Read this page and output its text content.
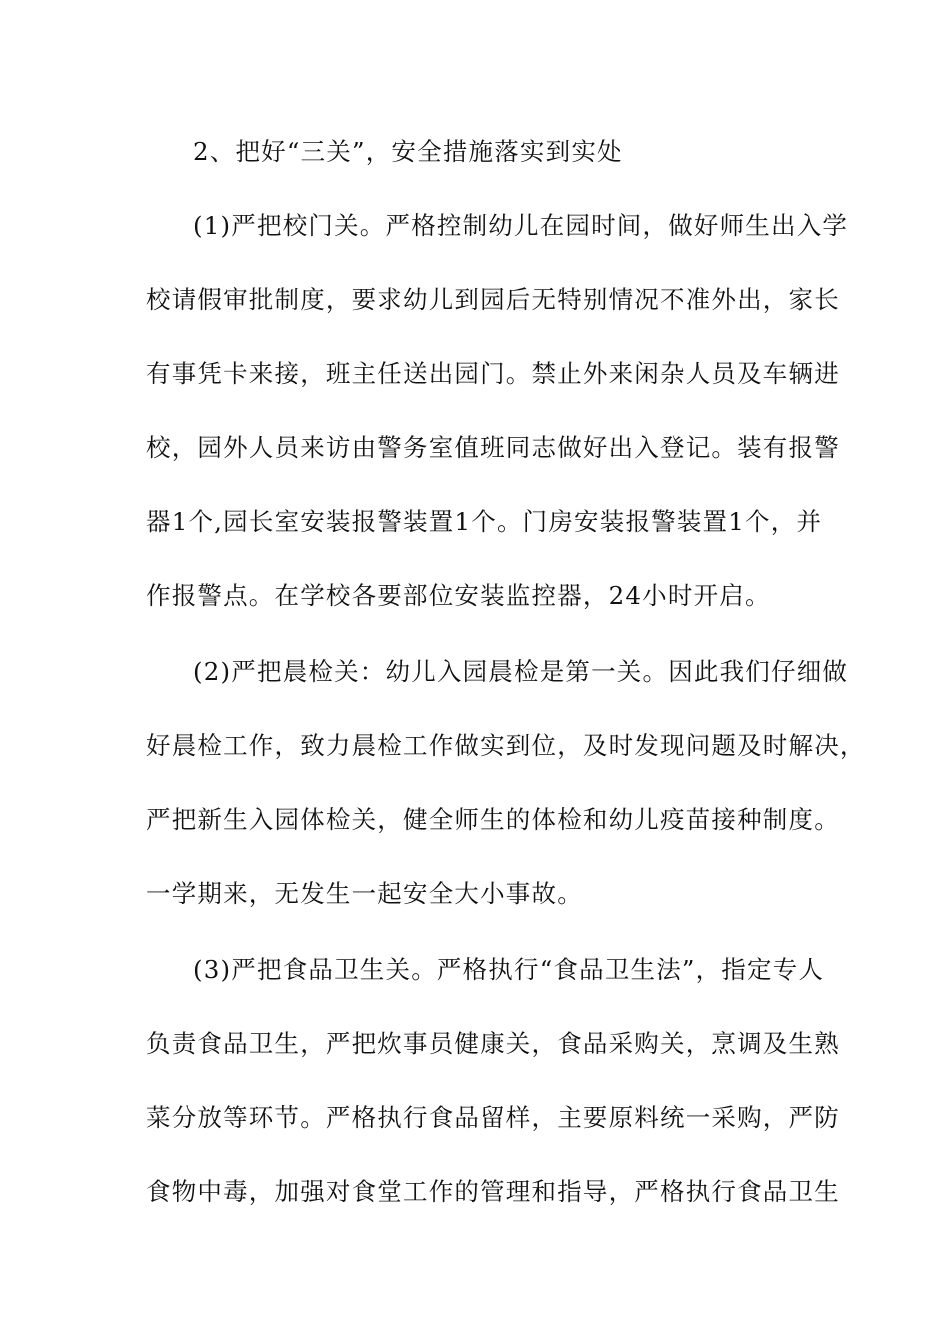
2、把好“三关”，安全措施落实到实处
(1)严把校门关。严格控制幼儿在园时间，做好师生出入学
校请假审批制度，要求幼儿到园后无特别情况不准外出，家长
有事凭卡来接，班主任送出园门。禁止外来闲杂人员及车辆进
校，园外人员来访由警务室值班同志做好出入登记。装有报警
器1个,园长室安装报警装置1个。门房安装报警装置1个，并
作报警点。在学校各要部位安装监控器，24小时开启。
(2)严把晨检关：幼儿入园晨检是第一关。因此我们仔细做
好晨检工作，致力晨检工作做实到位，及时发现问题及时解决，
严把新生入园体检关，健全师生的体检和幼儿疫苗接种制度。
一学期来，无发生一起安全大小事故。
(3)严把食品卫生关。严格执行“食品卫生法”，指定专人
负责食品卫生，严把炊事员健康关，食品采购关，烹调及生熟
菜分放等环节。严格执行食品留样，主要原料统一采购，严防
食物中毒，加强对食堂工作的管理和指导，严格执行食品卫生
